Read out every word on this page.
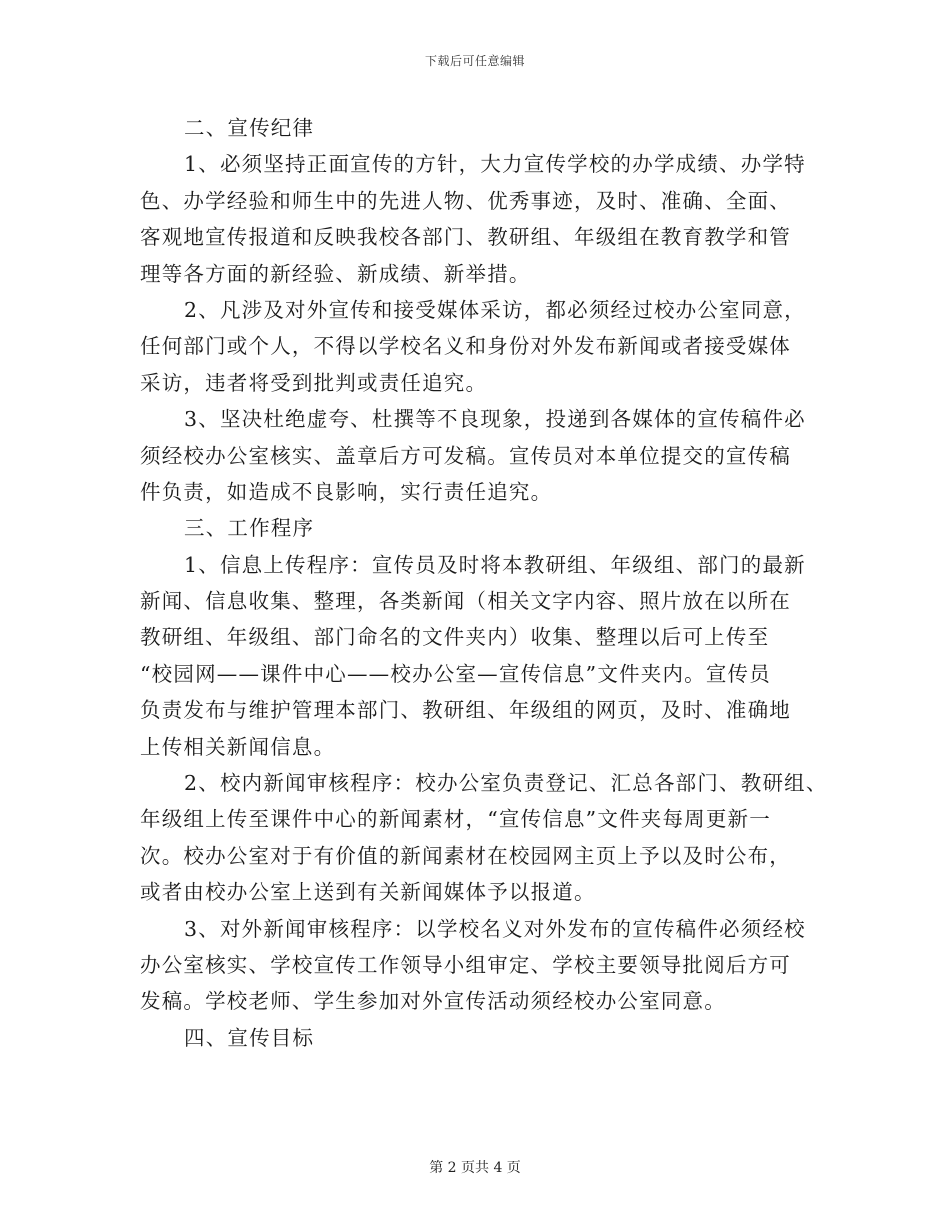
下载后可任意编辑
二、宣传纪律
1、必须坚持正面宣传的方针，大力宣传学校的办学成绩、办学特
色、办学经验和师生中的先进人物、优秀事迹，及时、准确、全面、
客观地宣传报道和反映我校各部门、教研组、年级组在教育教学和管
理等各方面的新经验、新成绩、新举措。
2、凡涉及对外宣传和接受媒体采访，都必须经过校办公室同意，
任何部门或个人，不得以学校名义和身份对外发布新闻或者接受媒体
采访，违者将受到批判或责任追究。
3、坚决杜绝虚夸、杜撰等不良现象，投递到各媒体的宣传稿件必
须经校办公室核实、盖章后方可发稿。宣传员对本单位提交的宣传稿
件负责，如造成不良影响，实行责任追究。
三、工作程序
1、信息上传程序：宣传员及时将本教研组、年级组、部门的最新
新闻、信息收集、整理，各类新闻（相关文字内容、照片放在以所在
教研组、年级组、部门命名的文件夹内）收集、整理以后可上传至
“校园网——课件中心——校办公室—宣传信息”文件夹内。宣传员
负责发布与维护管理本部门、教研组、年级组的网页，及时、准确地
上传相关新闻信息。
2、校内新闻审核程序：校办公室负责登记、汇总各部门、教研组、
年级组上传至课件中心的新闻素材，“宣传信息”文件夹每周更新一
次。校办公室对于有价值的新闻素材在校园网主页上予以及时公布，
或者由校办公室上送到有关新闻媒体予以报道。
3、对外新闻审核程序：以学校名义对外发布的宣传稿件必须经校
办公室核实、学校宣传工作领导小组审定、学校主要领导批阅后方可
发稿。学校老师、学生参加对外宣传活动须经校办公室同意。
四、宣传目标
第 2 页共 4 页
